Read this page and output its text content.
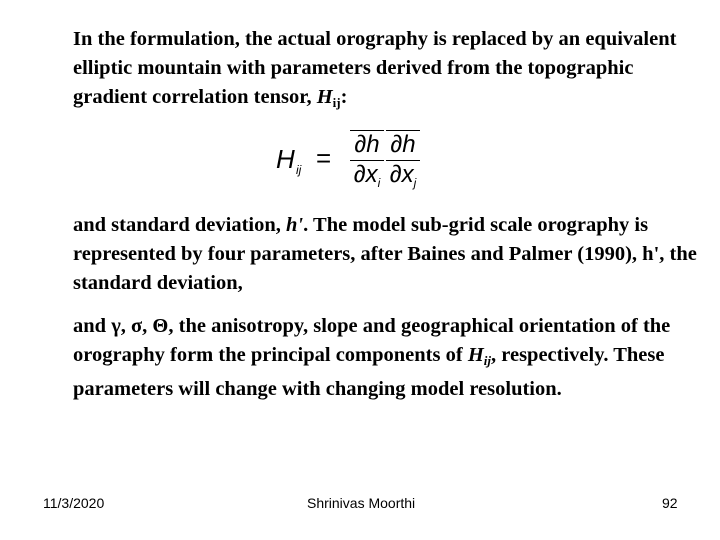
In the formulation, the actual orography is replaced by an equivalent elliptic mountain with parameters derived from the topographic gradient correlation tensor, $H_{ij}$:

H ij = ∂h
$\partial x_i$
∂h
$\partial x_j$

and standard deviation, h'. The model sub-grid scale orography is represented by four parameters, after Baines and Palmer (1990), h', the standard deviation,

and γ, σ, Θ, the anisotropy, slope and geographical orientation of the orography form the principal components of $H_{ij}$, respectively. These parameters will change with changing model resolution.

11/3/2020	Shrinivas Moorthi	92
